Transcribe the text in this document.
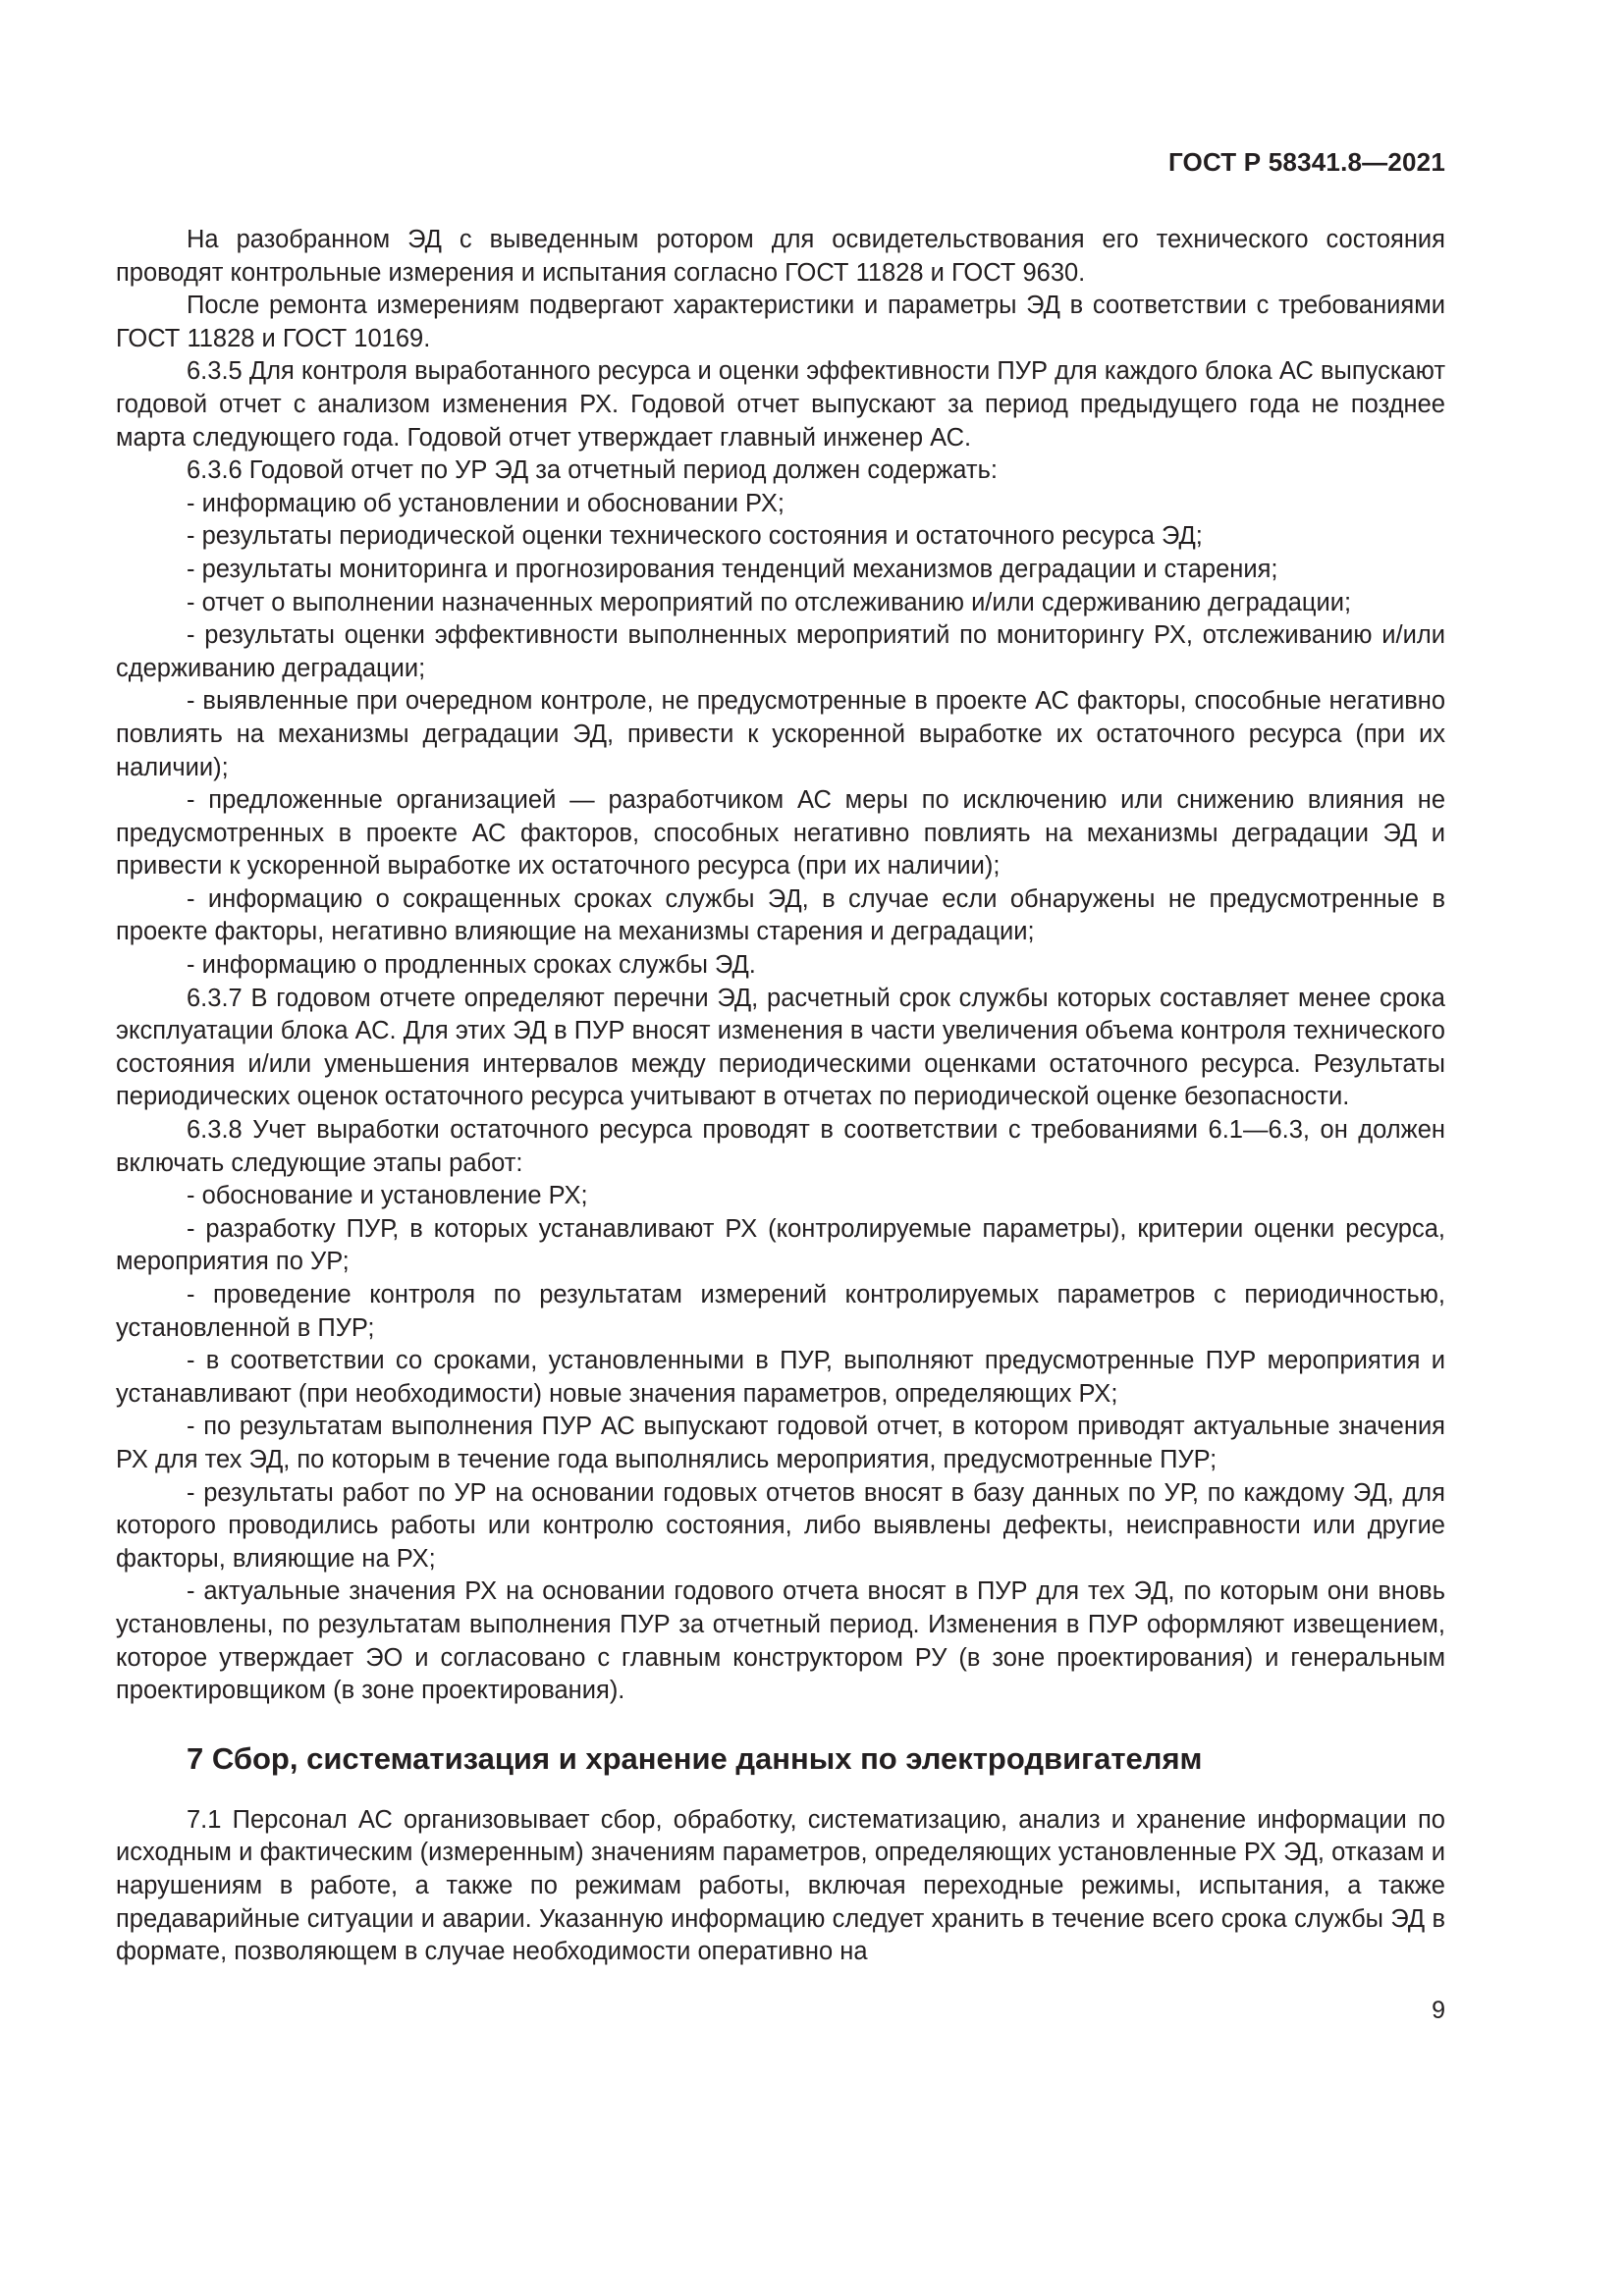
ГОСТ Р 58341.8—2021

На разобранном ЭД с выведенным ротором для освидетельствования его технического состояния проводят контрольные измерения и испытания согласно ГОСТ 11828 и ГОСТ 9630.

После ремонта измерениям подвергают характеристики и параметры ЭД в соответствии с требованиями ГОСТ 11828 и ГОСТ 10169.

6.3.5 Для контроля выработанного ресурса и оценки эффективности ПУР для каждого блока АС выпускают годовой отчет с анализом изменения РХ. Годовой отчет выпускают за период предыдущего года не позднее марта следующего года. Годовой отчет утверждает главный инженер АС.

6.3.6 Годовой отчет по УР ЭД за отчетный период должен содержать:

- информацию об установлении и обосновании РХ;

- результаты периодической оценки технического состояния и остаточного ресурса ЭД;

- результаты мониторинга и прогнозирования тенденций механизмов деградации и старения;

- отчет о выполнении назначенных мероприятий по отслеживанию и/или сдерживанию деградации;

- результаты оценки эффективности выполненных мероприятий по мониторингу РХ, отслеживанию и/или сдерживанию деградации;

- выявленные при очередном контроле, не предусмотренные в проекте АС факторы, способные негативно повлиять на механизмы деградации ЭД, привести к ускоренной выработке их остаточного ресурса (при их наличии);

- предложенные организацией — разработчиком АС меры по исключению или снижению влияния не предусмотренных в проекте АС факторов, способных негативно повлиять на механизмы деградации ЭД и привести к ускоренной выработке их остаточного ресурса (при их наличии);

- информацию о сокращенных сроках службы ЭД, в случае если обнаружены не предусмотренные в проекте факторы, негативно влияющие на механизмы старения и деградации;

- информацию о продленных сроках службы ЭД.

6.3.7 В годовом отчете определяют перечни ЭД, расчетный срок службы которых составляет менее срока эксплуатации блока АС. Для этих ЭД в ПУР вносят изменения в части увеличения объема контроля технического состояния и/или уменьшения интервалов между периодическими оценками остаточного ресурса. Результаты периодических оценок остаточного ресурса учитывают в отчетах по периодической оценке безопасности.

6.3.8 Учет выработки остаточного ресурса проводят в соответствии с требованиями 6.1—6.3, он должен включать следующие этапы работ:

- обоснование и установление РХ;

- разработку ПУР, в которых устанавливают РХ (контролируемые параметры), критерии оценки ресурса, мероприятия по УР;

- проведение контроля по результатам измерений контролируемых параметров с периодичностью, установленной в ПУР;

- в соответствии со сроками, установленными в ПУР, выполняют предусмотренные ПУР мероприятия и устанавливают (при необходимости) новые значения параметров, определяющих РХ;

- по результатам выполнения ПУР АС выпускают годовой отчет, в котором приводят актуальные значения РХ для тех ЭД, по которым в течение года выполнялись мероприятия, предусмотренные ПУР;

- результаты работ по УР на основании годовых отчетов вносят в базу данных по УР, по каждому ЭД, для которого проводились работы или контролю состояния, либо выявлены дефекты, неисправности или другие факторы, влияющие на РХ;

- актуальные значения РХ на основании годового отчета вносят в ПУР для тех ЭД, по которым они вновь установлены, по результатам выполнения ПУР за отчетный период. Изменения в ПУР оформляют извещением, которое утверждает ЭО и согласовано с главным конструктором РУ (в зоне проектирования) и генеральным проектировщиком (в зоне проектирования).

7 Сбор, систематизация и хранение данных по электродвигателям

7.1 Персонал АС организовывает сбор, обработку, систематизацию, анализ и хранение информации по исходным и фактическим (измеренным) значениям параметров, определяющих установленные РХ ЭД, отказам и нарушениям в работе, а также по режимам работы, включая переходные режимы, испытания, а также предаварийные ситуации и аварии. Указанную информацию следует хранить в течение всего срока службы ЭД в формате, позволяющем в случае необходимости оперативно на

9
